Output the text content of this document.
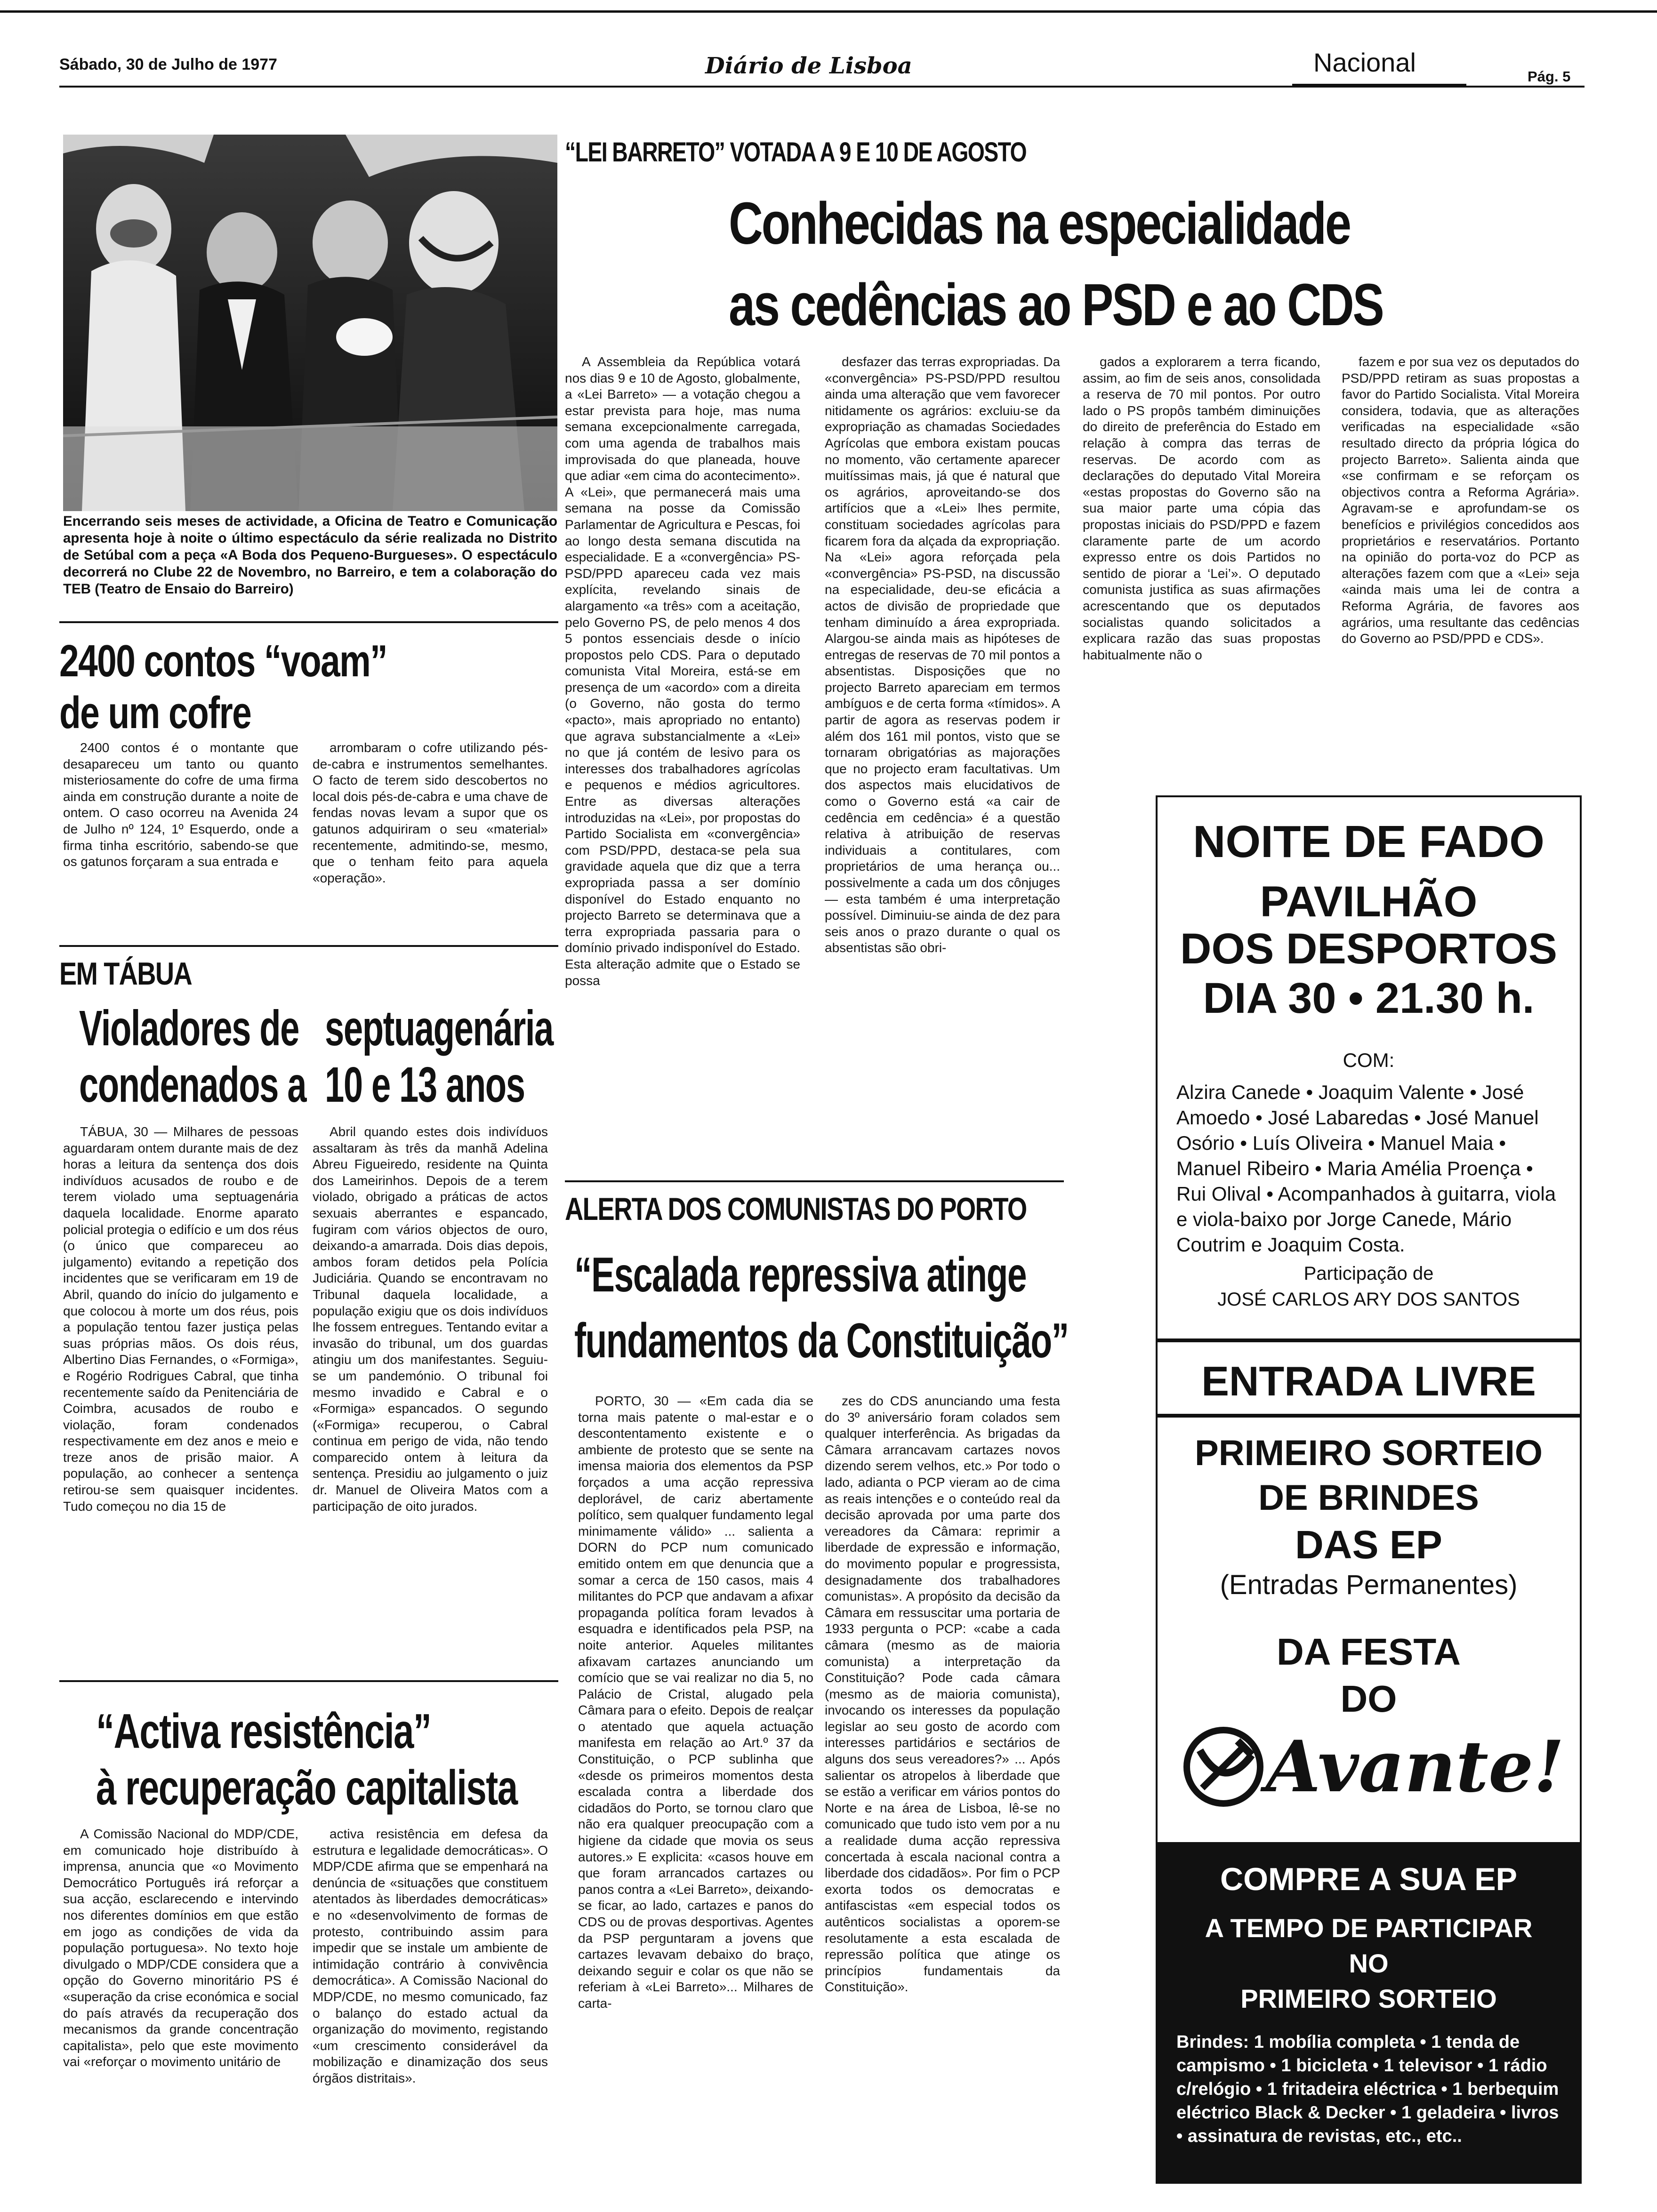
Sábado, 30 de Julho de 1977	Diário de Lisboa	Nacional	Pág. 5
Encerrando seis meses de actividade, a Oficina de Teatro e Comunicação apresenta hoje à noite o último espectáculo da série realizada no Distrito de Setúbal com a peça «A Boda dos Pequeno-Burgueses». O espectáculo decorrerá no Clube 22 de Novembro, no Barreiro, e tem a colaboração do TEB (Teatro de Ensaio do Barreiro)
“LEI BARRETO” VOTADA A 9 E 10 DE AGOSTO
Conhecidas na especialidade
as cedências ao PSD e ao CDS

A Assembleia da República votará nos dias 9 e 10 de Agosto, globalmente, a «Lei Barreto» — a votação chegou a estar prevista para hoje, mas numa semana excepcionalmente carregada, com uma agenda de trabalhos mais improvisada do que planeada, houve que adiar «em cima do acontecimento». A «Lei», que permanecerá mais uma semana na posse da Comissão Parlamentar de Agricultura e Pescas, foi ao longo desta semana discutida na especialidade. E a «convergência» PS-PSD/PPD apareceu cada vez mais explícita, revelando sinais de alargamento «a três» com a aceitação, pelo Governo PS, de pelo menos 4 dos 5 pontos essenciais desde o início propostos pelo CDS. Para o deputado comunista Vital Moreira, está-se em presença de um «acordo» com a direita (o Governo, não gosta do termo «pacto», mais apropriado no entanto) que agrava substancialmente a «Lei» no que já contém de lesivo para os interesses dos trabalhadores agrícolas e pequenos e médios agricultores. Entre as diversas alterações introduzidas na «Lei», por propostas do Partido Socialista em «convergência» com PSD/PPD, destaca-se pela sua gravidade aquela que diz que a terra expropriada passa a ser domínio disponível do Estado enquanto no projecto Barreto se determinava que a terra expropriada passaria para o domínio privado indisponível do Estado. Esta alteração admite que o Estado se possa

desfazer das terras expropriadas. Da «convergência» PS-PSD/PPD resultou ainda uma alteração que vem favorecer nitidamente os agrários: excluiu-se da expropriação as chamadas Sociedades Agrícolas que embora existam poucas no momento, vão certamente aparecer muitíssimas mais, já que é natural que os agrários, aproveitando-se dos artifícios que a «Lei» lhes permite, constituam sociedades agrícolas para ficarem fora da alçada da expropriação. Na «Lei» agora reforçada pela «convergência» PS-PSD, na discussão na especialidade, deu-se eficácia a actos de divisão de propriedade que tenham diminuído a área expropriada. Alargou-se ainda mais as hipóteses de entregas de reservas de 70 mil pontos a absentistas. Disposições que no projecto Barreto apareciam em termos ambíguos e de certa forma «tímidos». A partir de agora as reservas podem ir além dos 161 mil pontos, visto que se tornaram obrigatórias as majorações que no projecto eram facultativas. Um dos aspectos mais elucidativos de como o Governo está «a cair de cedência em cedência» é a questão relativa à atribuição de reservas individuais a contitulares, com proprietários de uma herança ou... possivelmente a cada um dos cônjuges — esta também é uma interpretação possível. Diminuiu-se ainda de dez para seis anos o prazo durante o qual os absentistas são obri-

gados a explorarem a terra ficando, assim, ao fim de seis anos, consolidada a reserva de 70 mil pontos. Por outro lado o PS propôs também diminuições do direito de preferência do Estado em relação à compra das terras de reservas. De acordo com as declarações do deputado Vital Moreira «estas propostas do Governo são na sua maior parte uma cópia das propostas iniciais do PSD/PPD e fazem claramente parte de um acordo expresso entre os dois Partidos no sentido de piorar a ‘Lei’». O deputado comunista justifica as suas afirmações acrescentando que os deputados socialistas quando solicitados a explicara razão das suas propostas habitualmente não o

fazem e por sua vez os deputados do PSD/PPD retiram as suas propostas a favor do Partido Socialista. Vital Moreira considera, todavia, que as alterações verificadas na especialidade «são resultado directo da própria lógica do projecto Barreto». Salienta ainda que «se confirmam e se reforçam os objectivos contra a Reforma Agrária». Agravam-se e aprofundam-se os benefícios e privilégios concedidos aos proprietários e reservatários. Portanto na opinião do porta-voz do PCP as alterações fazem com que a «Lei» seja «ainda mais uma lei de contra a Reforma Agrária, de favores aos agrários, uma resultante das cedências do Governo ao PSD/PPD e CDS».

2400 contos “voam”
de um cofre

2400 contos é o montante que desapareceu um tanto ou quanto misteriosamente do cofre de uma firma ainda em construção durante a noite de ontem. O caso ocorreu na Avenida 24 de Julho nº 124, 1º Esquerdo, onde a firma tinha escritório, sabendo-se que os gatunos forçaram a sua entrada e

arrombaram o cofre utilizando pés-de-cabra e instrumentos semelhantes. O facto de terem sido descobertos no local dois pés-de-cabra e uma chave de fendas novas levam a supor que os gatunos adquiriram o seu «material» recentemente, admitindo-se, mesmo, que o tenham feito para aquela «operação».

EM TÁBUA
Violadores de
condenados a
septuagenária
10 e 13 anos

TÁBUA, 30 — Milhares de pessoas aguardaram ontem durante mais de dez horas a leitura da sentença dos dois indivíduos acusados de roubo e de terem violado uma septuagenária daquela localidade. Enorme aparato policial protegia o edifício e um dos réus (o único que compareceu ao julgamento) evitando a repetição dos incidentes que se verificaram em 19 de Abril, quando do início do julgamento e que colocou à morte um dos réus, pois a população tentou fazer justiça pelas suas próprias mãos. Os dois réus, Albertino Dias Fernandes, o «Formiga», e Rogério Rodrigues Cabral, que tinha recentemente saído da Penitenciária de Coimbra, acusados de roubo e violação, foram condenados respectivamente em dez anos e meio e treze anos de prisão maior. A população, ao conhecer a sentença retirou-se sem quaisquer incidentes. Tudo começou no dia 15 de

Abril quando estes dois indivíduos assaltaram às três da manhã Adelina Abreu Figueiredo, residente na Quinta dos Lameirinhos. Depois de a terem violado, obrigado a práticas de actos sexuais aberrantes e espancado, fugiram com vários objectos de ouro, deixando-a amarrada. Dois dias depois, ambos foram detidos pela Polícia Judiciária. Quando se encontravam no Tribunal daquela localidade, a população exigiu que os dois indivíduos lhe fossem entregues. Tentando evitar a invasão do tribunal, um dos guardas atingiu um dos manifestantes. Seguiu-se um pandemónio. O tribunal foi mesmo invadido e Cabral e o «Formiga» espancados. O segundo («Formiga» recuperou, o Cabral continua em perigo de vida, não tendo comparecido ontem à leitura da sentença. Presidiu ao julgamento o juiz dr. Manuel de Oliveira Matos com a participação de oito jurados.

“Activa resistência”
à recuperação capitalista

A Comissão Nacional do MDP/CDE, em comunicado hoje distribuído à imprensa, anuncia que «o Movimento Democrático Português irá reforçar a sua acção, esclarecendo e intervindo nos diferentes domínios em que estão em jogo as condições de vida da população portuguesa». No texto hoje divulgado o MDP/CDE considera que a opção do Governo minoritário PS é «superação da crise económica e social do país através da recuperação dos mecanismos da grande concentração capitalista», pelo que este movimento vai «reforçar o movimento unitário de

activa resistência em defesa da estrutura e legalidade democráticas». O MDP/CDE afirma que se empenhará na denúncia de «situações que constituem atentados às liberdades democráticas» e no «desenvolvimento de formas de protesto, contribuindo assim para impedir que se instale um ambiente de intimidação contrário à convivência democrática». A Comissão Nacional do MDP/CDE, no mesmo comunicado, faz o balanço do estado actual da organização do movimento, registando «um crescimento considerável da mobilização e dinamização dos seus órgãos distritais».

ALERTA DOS COMUNISTAS DO PORTO
“Escalada repressiva atinge
fundamentos da Constituição”

PORTO, 30 — «Em cada dia se torna mais patente o mal-estar e o descontentamento existente e o ambiente de protesto que se sente na imensa maioria dos elementos da PSP forçados a uma acção repressiva deplorável, de cariz abertamente político, sem qualquer fundamento legal minimamente válido» ... salienta a DORN do PCP num comunicado emitido ontem em que denuncia que a somar a cerca de 150 casos, mais 4 militantes do PCP que andavam a afixar propaganda política foram levados à esquadra e identificados pela PSP, na noite anterior. Aqueles militantes afixavam cartazes anunciando um comício que se vai realizar no dia 5, no Palácio de Cristal, alugado pela Câmara para o efeito. Depois de realçar o atentado que aquela actuação manifesta em relação ao Art.º 37 da Constituição, o PCP sublinha que «desde os primeiros momentos desta escalada contra a liberdade dos cidadãos do Porto, se tornou claro que não era qualquer preocupação com a higiene da cidade que movia os seus autores.» E explicita: «casos houve em que foram arrancados cartazes ou panos contra a «Lei Barreto», deixando-se ficar, ao lado, cartazes e panos do CDS ou de provas desportivas. Agentes da PSP perguntaram a jovens que cartazes levavam debaixo do braço, deixando seguir e colar os que não se referiam à «Lei Barreto»... Milhares de carta-

zes do CDS anunciando uma festa do 3º aniversário foram colados sem qualquer interferência. As brigadas da Câmara arrancavam cartazes novos dizendo serem velhos, etc.» Por todo o lado, adianta o PCP vieram ao de cima as reais intenções e o conteúdo real da decisão aprovada por uma parte dos vereadores da Câmara: reprimir a liberdade de expressão e informação, do movimento popular e progressista, designadamente dos trabalhadores comunistas». A propósito da decisão da Câmara em ressuscitar uma portaria de 1933 pergunta o PCP: «cabe a cada câmara (mesmo as de maioria comunista) a interpretação da Constituição? Pode cada câmara (mesmo as de maioria comunista), invocando os interesses da população legislar ao seu gosto de acordo com interesses partidários e sectários de alguns dos seus vereadores?» ... Após salientar os atropelos à liberdade que se estão a verificar em vários pontos do Norte e na área de Lisboa, lê-se no comunicado que tudo isto vem por a nu a realidade duma acção repressiva concertada à escala nacional contra a liberdade dos cidadãos». Por fim o PCP exorta todos os democratas e antifascistas «em especial todos os autênticos socialistas a oporem-se resolutamente a esta escalada de repressão política que atinge os princípios fundamentais da Constituição».

NOITE DE FADO
PAVILHÃO
DOS DESPORTOS
DIA 30 • 21.30 h.
COM:
Alzira Canede • Joaquim Valente • José Amoedo • José Labaredas • José Manuel Osório • Luís Oliveira • Manuel Maia • Manuel Ribeiro • Maria Amélia Proença • Rui Olival • Acompanhados à guitarra, viola e viola-baixo por Jorge Canede, Mário Coutrim e Joaquim Costa.
Participação de
JOSÉ CARLOS ARY DOS SANTOS
ENTRADA LIVRE
PRIMEIRO SORTEIO
DE BRINDES
DAS EP
(Entradas Permanentes)
DA FESTA
DO
Avante!
COMPRE A SUA EP
A TEMPO DE PARTICIPAR
NO
PRIMEIRO SORTEIO
Brindes: 1 mobília completa • 1 tenda de campismo • 1 bicicleta • 1 televisor • 1 rádio c/relógio • 1 fritadeira eléctrica • 1 berbequim eléctrico Black & Decker • 1 geladeira • livros • assinatura de revistas, etc., etc..
